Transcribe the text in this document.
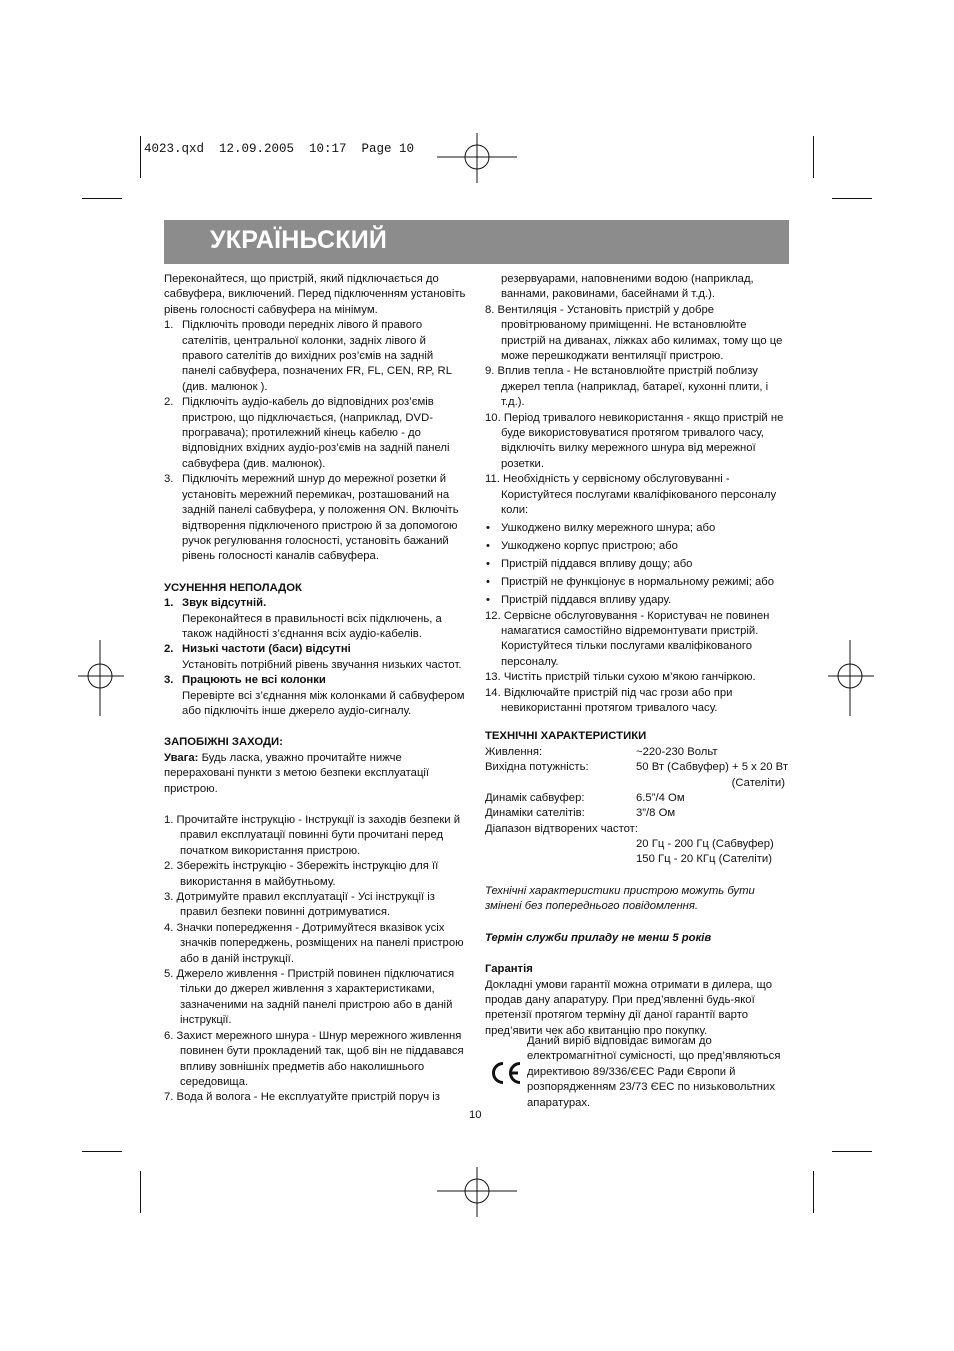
4023.qxd  12.09.2005  10:17  Page 10
УКРАЇНЬСКИЙ

Переконайтеся, що пристрій, який підключається до сабвуфера, виключений. Перед підключенням установіть рівень голосності сабвуфера на мінімум.

1. Підключіть проводи передніх лівого й правого сателітів, центральної колонки, задніх лівого й правого сателітів до вихідних роз’ємів на задній панелі сабвуфера, позначених FR, FL, CEN, RP, RL (див. малюнок ).
2. Підключіть аудіо-кабель до відповідних роз’ємів пристрою, що підключається, (наприклад, DVD-програвача); протилежний кінець кабелю - до відповідних вхідних аудіо-роз’ємів на задній панелі сабвуфера (див. малюнок).
3. Підключіть мережний шнур до мережної розетки й установіть мережний перемикач, розташований на задній панелі сабвуфера, у положення ON. Включіть відтворення підключеного пристрою й за допомогою ручок регулювання голосності, установіть бажаний рівень голосності каналів сабвуфера.

УСУНЕННЯ НЕПОЛАДОК

1. Звук відсутній.
Переконайтеся в правильності всіх підключень, а також надійності з’єднання всіх аудіо-кабелів.
2. Низькі частоти (баси) відсутні
Установіть потрібний рівень звучання низьких частот.
3. Працюють не всі колонки
Перевірте всі з’єднання між колонками й сабвуфером або підключіть інше джерело аудіо-сигналу.

ЗАПОБІЖНІ ЗАХОДИ:

Увага: Будь ласка, уважно прочитайте нижче перераховані пункти з метою безпеки експлуатації пристрою.

1. Прочитайте інструкцію - Інструкції із заходів безпеки й правил експлуатації повинні бути прочитані перед початком використання пристрою.

2. Збережіть інструкцію - Збережіть інструкцію для її використання в майбутньому.

3. Дотримуйте правил експлуатації - Усі інструкції із правил безпеки повинні дотримуватися.

4. Значки попередження - Дотримуйтеся вказівок усіх значків попереджень, розміщених на панелі пристрою або в даній інструкції.

5. Джерело живлення - Пристрій повинен підключатися тільки до джерел живлення з характеристиками, зазначеними на задній панелі пристрою або в даній інструкції.

6. Захист мережного шнура - Шнур мережного живлення повинен бути прокладений так, щоб він не піддавався впливу зовнішніх предметів або наколишнього середовища.

7. Вода й волога - Не експлуатуйте пристрій поруч із

резервуарами, наповненими водою (наприклад, ваннами, раковинами, басейнами й т.д.).

8. Вентиляція - Установіть пристрій у добре провітрюваному приміщенні. Не встановлюйте пристрій на диванах, ліжках або килимах, тому що це може перешкоджати вентиляції пристрою.

9. Вплив тепла - Не встановлюйте пристрій поблизу джерел тепла (наприклад, батареї, кухонні плити, і т.д.).

10. Період тривалого невикористання - якщо пристрій не буде використовуватися протягом тривалого часу, відключіть вилку мережного шнура від мережної розетки.

11. Необхідність у сервісному обслуговуванні - Користуйтеся послугами кваліфікованого персоналу коли:

• Ушкоджено вилку мережного шнура; або
• Ушкоджено корпус пристрою; або
• Пристрій піддався впливу дощу; або
• Пристрій не функціонує в нормальному режимі; або
• Пристрій піддався впливу удару.

12. Сервісне обслуговування - Користувач не повинен намагатися самостійно відремонтувати пристрій. Користуйтеся тільки послугами кваліфікованого персоналу.

13. Чистіть пристрій тільки сухою м’якою ганчіркою.

14. Відключайте пристрій під час грози або при невикористанні протягом тривалого часу.

ТЕХНІЧНІ ХАРАКТЕРИСТИКИ

Живлення:	~220-230 Вольт
Вихідна потужність:	50 Вт (Сабвуфер) + 5 х 20 Вт
(Сателіти)
Динамік сабвуфер:	6.5”/4 Ом
Динаміки сателітів:	3”/8 Ом
Діапазон відтворених частот:
20 Гц - 200 Гц (Сабвуфер)
150 Гц - 20 КГц (Сателіти)

Технічні характеристики пристрою можуть бути змінені без попереднього повідомлення.

Термін служби приладу не менш 5 років

Гарантія

Докладні умови гарантії можна отримати в дилера, що продав дану апаратуру. При пред’явленні будь-якої претензії протягом терміну дії даної гарантії варто пред’явити чек або квитанцію про покупку.

Даний виріб відповідає вимогам до електромагнітної сумісності, що пред’являються директивою 89/336/ЄЕС Ради Європи й розпорядженням 23/73 ЄЕС по низьковольтних апаратурах.
10
